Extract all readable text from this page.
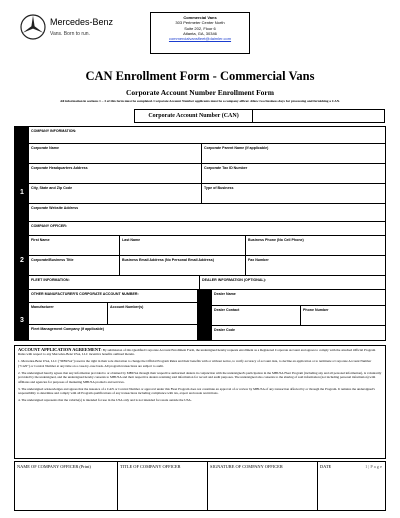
Mercedes-Benz
Vans. Born to run.
Commercial Vans
303 Perimeter Center North
Suite 202, Floor 6
Atlanta, GA, 30346
commercialvansfleet@daimler.com
CAN Enrollment Form - Commercial Vans
Corporate Account Number Enrollment Form
All information in sections 1 – 3 of this form must be completed. Corporate Account Number applicants must be a company officer. Allow two business days for processing and furnishing a CAN.
Corporate Account Number (CAN)
1
2
3
COMPANY INFORMATION:
Corporate Name	Corporate Parent Name (If applicable)
Corporate Headquarters Address	Corporate Tax ID Number
City, State and Zip Code	Type of Business
Corporate Website Address
COMPANY OFFICER:
First Name	Last Name	Business Phone (No Cell Phone)
Corporate/Business Title	Business Email Address (No Personal Email Address)	Fax Number
FLEET INFORMATION:	DEALER INFORMATION (OPTIONAL):
OTHER MANUFACTURER'S CORPORATE ACCOUNT NUMBER:
Manufacturer	Account Number(s)
Fleet Management Company (if applicable)
Dealer Name
Dealer Contact	Phone Number
Dealer Code

ACCOUNT APPLICATION AGREEMENT: By submission of this Qualified Corporate Account Enrollment Form, the undersigned hereby requests enrollment as a Registered Corporate Account and agrees to comply with the attached Official Program Rules with respect to any Mercedes-Benz USA, LLC incentive benefits outlined therein.

1. Mercedes-Benz USA, LLC ("MBUSA") reserve the right in their sole discretion to change the Official Program Rules and their benefits with or without notice, to verify accuracy of account data, to decline an application or to terminate a Corporate Account Number ("CAN") or Control Number at any time on a case-by-case basis. All program transactions are subject to audit.

2. The undersigned hereby agrees that any information provided to or obtained by MBUSA through their respective authorized dealers in conjunction with the undersigned's participation in the MBUSA Fleet Program (including any and all personal information), is voluntarily provided by the undersigned, and the undersigned hereby consents to MBUSA and their respective dealers retaining said information for record and audit purposes. The undersigned also consents to the sharing of said information (not including personal information) with affiliates and agencies for purposes of marketing MBUSA products and services.

3. The undersigned acknowledges and agrees that the issuance of a CAN or Control Number or approval under this Fleet Program does not constitute an approval of or review by MBUSA of any transaction affected by or through the Program. It remains the undersigned's responsibility to determine and comply with all Program qualifications of any transactions including compliance with tax, export and resale restrictions.

4. The undersigned represents that the vehicle(s) is intended for use in the USA only and is not intended for resale outside the USA.

NAME OF COMPANY OFFICER (Print)	TITLE OF COMPANY OFFICER	SIGNATURE OF COMPANY OFFICER	DATE	1 | P a g e
